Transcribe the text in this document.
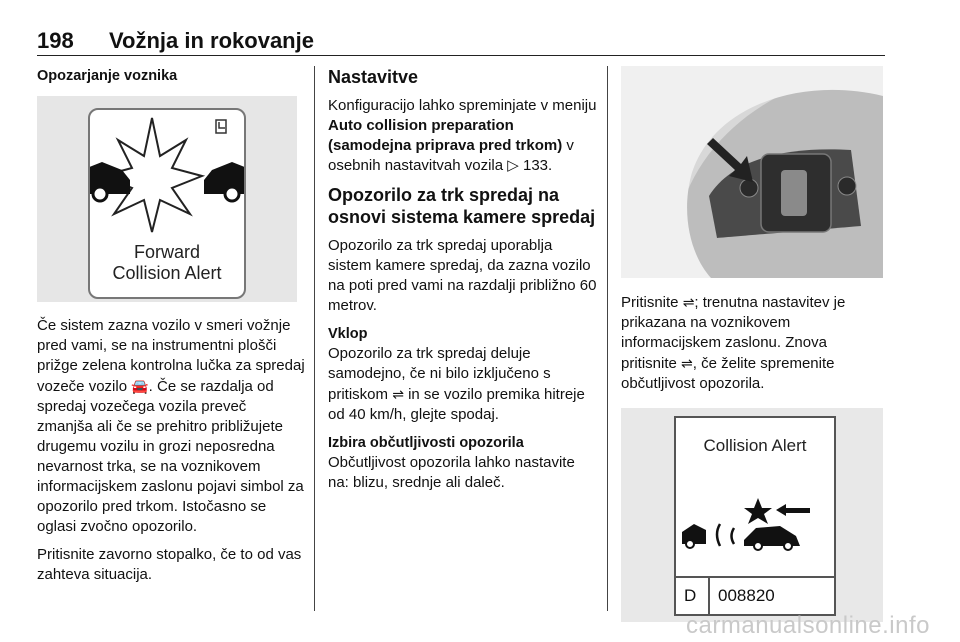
198 Vožnja in rokovanje
Opozarjanje voznika
Forward
Collision Alert

Če sistem zazna vozilo v smeri vožnje pred vami, se na instrumentni plošči prižge zelena kontrolna lučka za spredaj vozeče vozilo 🚘. Če se razdalja od spredaj vozečega vozila preveč zmanjša ali če se prehitro približujete drugemu vozilu in grozi neposredna nevarnost trka, se na voznikovem informacijskem zaslonu pojavi simbol za opozorilo pred trkom. Istočasno se oglasi zvočno opozorilo.

Pritisnite zavorno stopalko, če to od vas zahteva situacija.

Nastavitve

Konfiguracijo lahko spreminjate v meniju Auto collision preparation (samodejna priprava pred trkom) v osebnih nastavitvah vozila ▷ 133.

Opozorilo za trk spredaj na osnovi sistema kamere spredaj

Opozorilo za trk spredaj uporablja sistem kamere spredaj, da zazna vozilo na poti pred vami na razdalji približno 60 metrov.

Vklop

Opozorilo za trk spredaj deluje samodejno, če ni bilo izključeno s pritiskom ⇌ in se vozilo premika hitreje od 40 km/h, glejte spodaj.

Izbira občutljivosti opozorila

Občutljivost opozorila lahko nastavite na: blizu, srednje ali daleč.

Pritisnite ⇌; trenutna nastavitev je prikazana na voznikovem informacijskem zaslonu. Znova pritisnite ⇌, če želite spremenite občutljivost opozorila.

Collision Alert
D 008820
carmanualsonline.info
